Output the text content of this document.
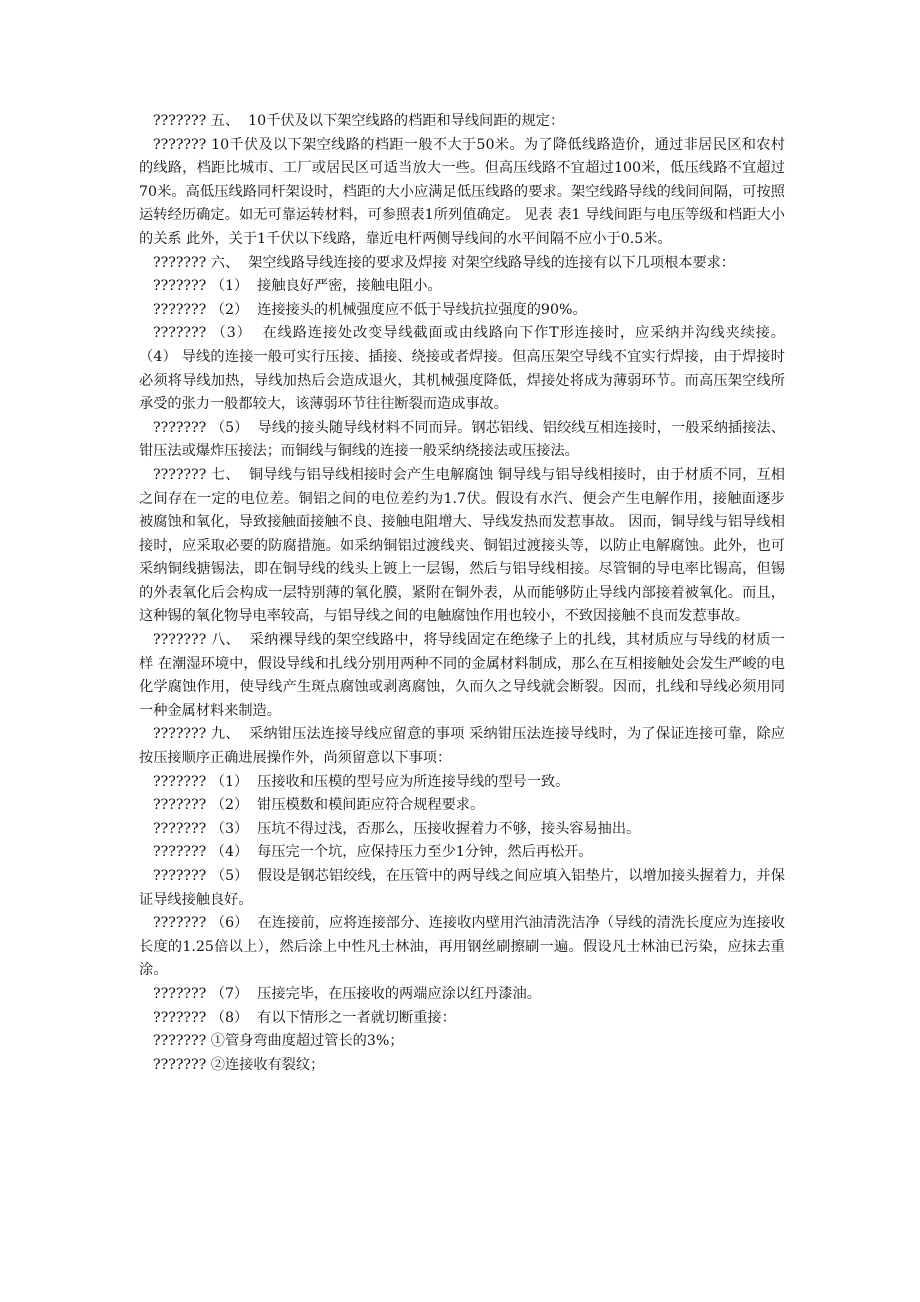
??????? 五、  10千伏及以下架空线路的档距和导线间距的规定：

??????? 10千伏及以下架空线路的档距一般不大于50米。为了降低线路造价，通过非居民区和农村的线路，档距比城市、工厂或居民区可适当放大一些。但高压线路不宜超过100米，低压线路不宜超过70米。高低压线路同杆架设时，档距的大小应满足低压线路的要求。架空线路导线的线间间隔，可按照运转经历确定。如无可靠运转材料，可参照表1所列值确定。 见表 表1 导线间距与电压等级和档距大小的关系 此外，关于1千伏以下线路，靠近电杆两侧导线间的水平间隔不应小于0.5米。

??????? 六、  架空线路导线连接的要求及焊接 对架空线路导线的连接有以下几项根本要求：

??????? （1）  接触良好严密，接触电阻小。

??????? （2）  连接接头的机械强度应不低于导线抗拉强度的90%。

??????? （3）  在线路连接处改变导线截面或由线路向下作T形连接时，应采纳并沟线夹续接。 （4） 导线的连接一般可实行压接、插接、绕接或者焊接。但高压架空导线不宜实行焊接，由于焊接时必须将导线加热，导线加热后会造成退火，其机械强度降低，焊接处将成为薄弱环节。而高压架空线所承受的张力一般都较大，该薄弱环节往往断裂而造成事故。

??????? （5）  导线的接头随导线材料不同而异。钢芯铝线、铝绞线互相连接时，一般采纳插接法、钳压法或爆炸压接法；而铜线与铜线的连接一般采纳绕接法或压接法。

??????? 七、  铜导线与铝导线相接时会产生电解腐蚀 铜导线与铝导线相接时，由于材质不同，互相之间存在一定的电位差。铜铝之间的电位差约为1.7伏。假设有水汽、便会产生电解作用，接触面逐步被腐蚀和氧化，导致接触面接触不良、接触电阻增大、导线发热而发惹事故。 因而，铜导线与铝导线相接时，应采取必要的防腐措施。如采纳铜铝过渡线夹、铜铝过渡接头等，以防止电解腐蚀。此外，也可采纳铜线搪锡法，即在铜导线的线头上镀上一层锡，然后与铝导线相接。尽管铜的导电率比锡高，但锡的外表氧化后会构成一层特别薄的氧化膜，紧附在铜外表，从而能够防止导线内部接着被氧化。而且，这种锡的氧化物导电率较高，与铝导线之间的电触腐蚀作用也较小，不致因接触不良而发惹事故。

??????? 八、  采纳裸导线的架空线路中，将导线固定在绝缘子上的扎线，其材质应与导线的材质一样 在潮湿环境中，假设导线和扎线分别用两种不同的金属材料制成，那么在互相接触处会发生严峻的电化学腐蚀作用，使导线产生斑点腐蚀或剥离腐蚀，久而久之导线就会断裂。因而，扎线和导线必须用同一种金属材料来制造。

??????? 九、  采纳钳压法连接导线应留意的事项 采纳钳压法连接导线时，为了保证连接可靠，除应按压接顺序正确进展操作外，尚须留意以下事项：

??????? （1）  压接收和压模的型号应为所连接导线的型号一致。

??????? （2）  钳压模数和模间距应符合规程要求。

??????? （3）  压坑不得过浅，否那么，压接收握着力不够，接头容易抽出。

??????? （4）  每压完一个坑，应保持压力至少1分钟，然后再松开。

??????? （5）  假设是钢芯铝绞线，在压管中的两导线之间应填入铝垫片，以增加接头握着力，并保证导线接触良好。

??????? （6）  在连接前，应将连接部分、连接收内壁用汽油清洗洁净（导线的清洗长度应为连接收长度的1.25倍以上），然后涂上中性凡士林油，再用钢丝刷擦刷一遍。假设凡士林油已污染，应抹去重涂。

??????? （7）  压接完毕，在压接收的两端应涂以红丹漆油。

??????? （8）  有以下情形之一者就切断重接：

??????? ①管身弯曲度超过管长的3%；

??????? ②连接收有裂纹；
